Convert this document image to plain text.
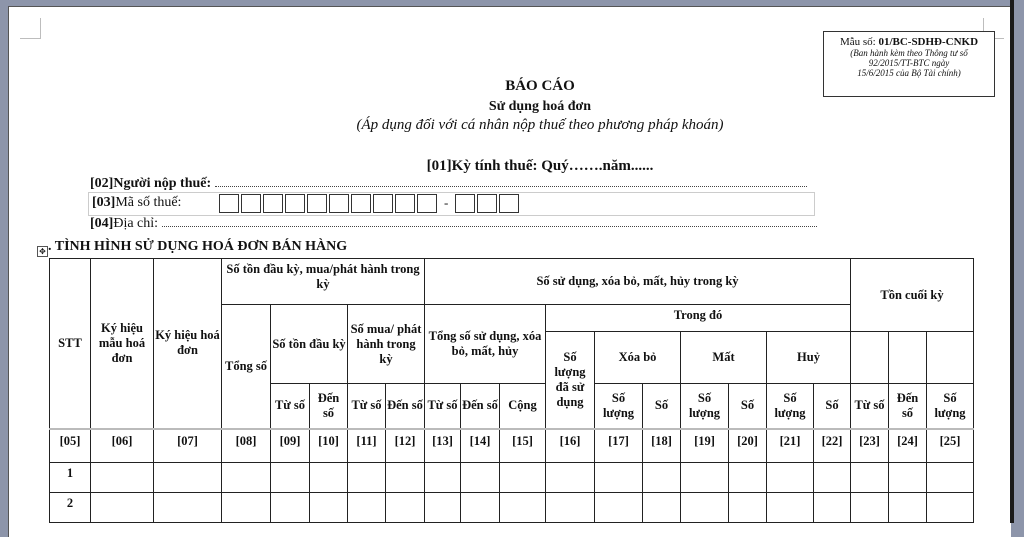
Mẫu số: 01/BC-SDHĐ-CNKD
(Ban hành kèm theo Thông tư số
92/2015/TT-BTC ngày
15/6/2015 của Bộ Tài chính)
BÁO CÁO
Sử dụng hoá đơn
(Áp dụng đối với cá nhân nộp thuế theo phương pháp khoán)
[01]Kỳ tính thuế: Quý…….năm......
[02]Người nộp thuế:
[03]Mã số thuế:	-
[04]Địa chỉ:
✥ . TÌNH HÌNH SỬ DỤNG HOÁ ĐƠN BÁN HÀNG
STT	Ký hiệu mẫu hoá đơn	Ký hiệu hoá đơn	Số tồn đầu kỳ, mua/phát hành trong kỳ					Số sử dụng, xóa bỏ, mất, hủy trong kỳ										Tồn cuối kỳ		
			Tổng số	Số tồn đầu kỳ		Số mua/ phát hành trong kỳ		Tổng số sử dụng, xóa bỏ, mất, hủy			Trong đó									
											Số lượng đã sử dụng	Xóa bỏ		Mất		Huỷ				
				Từ số	Đến số	Từ số	Đến số	Từ số	Đến số	Cộng		Số lượng	Số	Số lượng	Số	Số lượng	Số	Từ số	Đến số	Số lượng
[05]	[06]	[07]	[08]	[09]	[10]	[11]	[12]	[13]	[14]	[15]	[16]	[17]	[18]	[19]	[20]	[21]	[22]	[23]	[24]	[25]
1																				
2																				
